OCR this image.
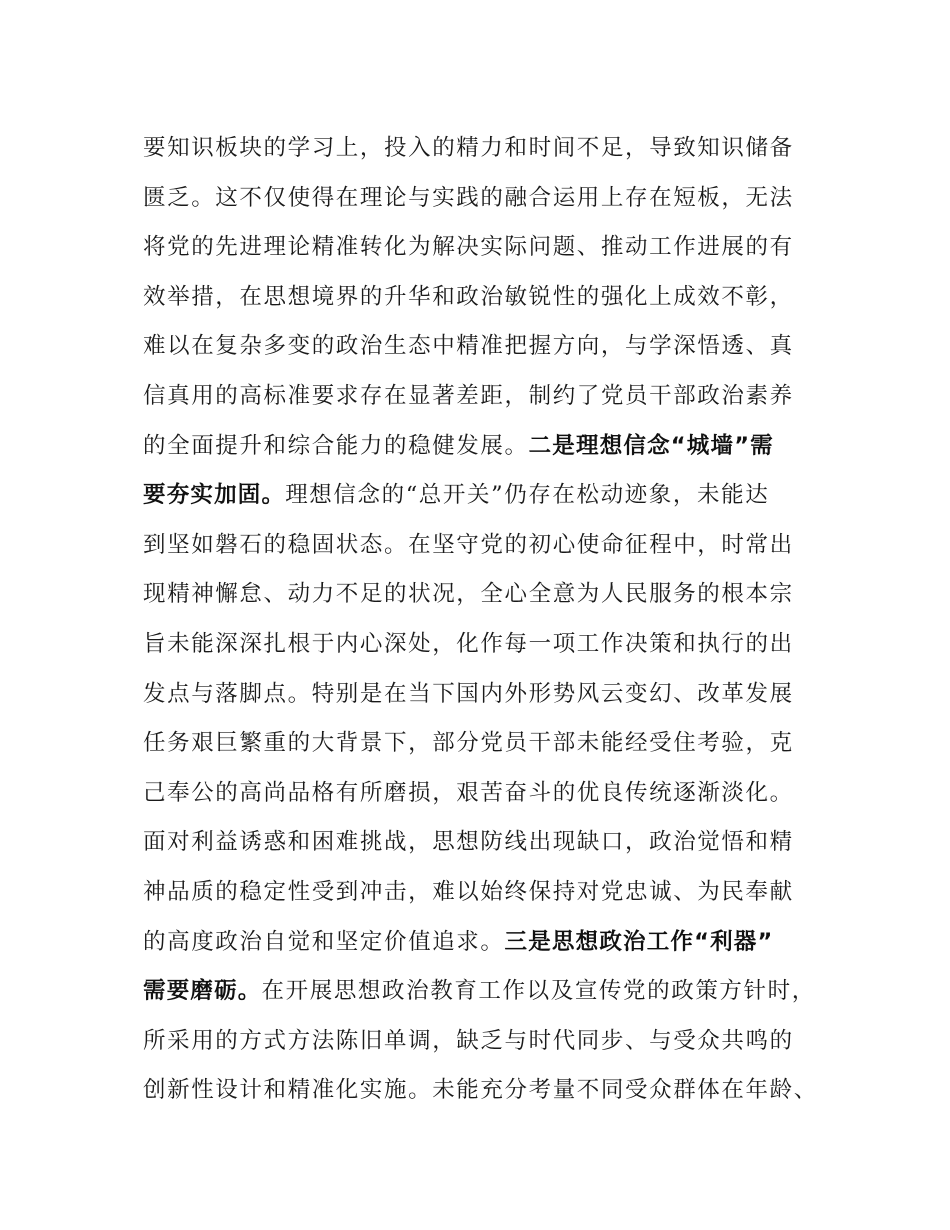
要知识板块的学习上，投入的精力和时间不足，导致知识储备
匮乏。这不仅使得在理论与实践的融合运用上存在短板，无法
将党的先进理论精准转化为解决实际问题、推动工作进展的有
效举措，在思想境界的升华和政治敏锐性的强化上成效不彰，
难以在复杂多变的政治生态中精准把握方向，与学深悟透、真
信真用的高标准要求存在显著差距，制约了党员干部政治素养
的全面提升和综合能力的稳健发展。二是理想信念“城墙”需
要夯实加固。理想信念的“总开关”仍存在松动迹象，未能达
到坚如磐石的稳固状态。在坚守党的初心使命征程中，时常出
现精神懈怠、动力不足的状况，全心全意为人民服务的根本宗
旨未能深深扎根于内心深处，化作每一项工作决策和执行的出
发点与落脚点。特别是在当下国内外形势风云变幻、改革发展
任务艰巨繁重的大背景下，部分党员干部未能经受住考验，克
己奉公的高尚品格有所磨损，艰苦奋斗的优良传统逐渐淡化。
面对利益诱惑和困难挑战，思想防线出现缺口，政治觉悟和精
神品质的稳定性受到冲击，难以始终保持对党忠诚、为民奉献
的高度政治自觉和坚定价值追求。三是思想政治工作“利器”
需要磨砺。在开展思想政治教育工作以及宣传党的政策方针时，
所采用的方式方法陈旧单调，缺乏与时代同步、与受众共鸣的
创新性设计和精准化实施。未能充分考量不同受众群体在年龄、
